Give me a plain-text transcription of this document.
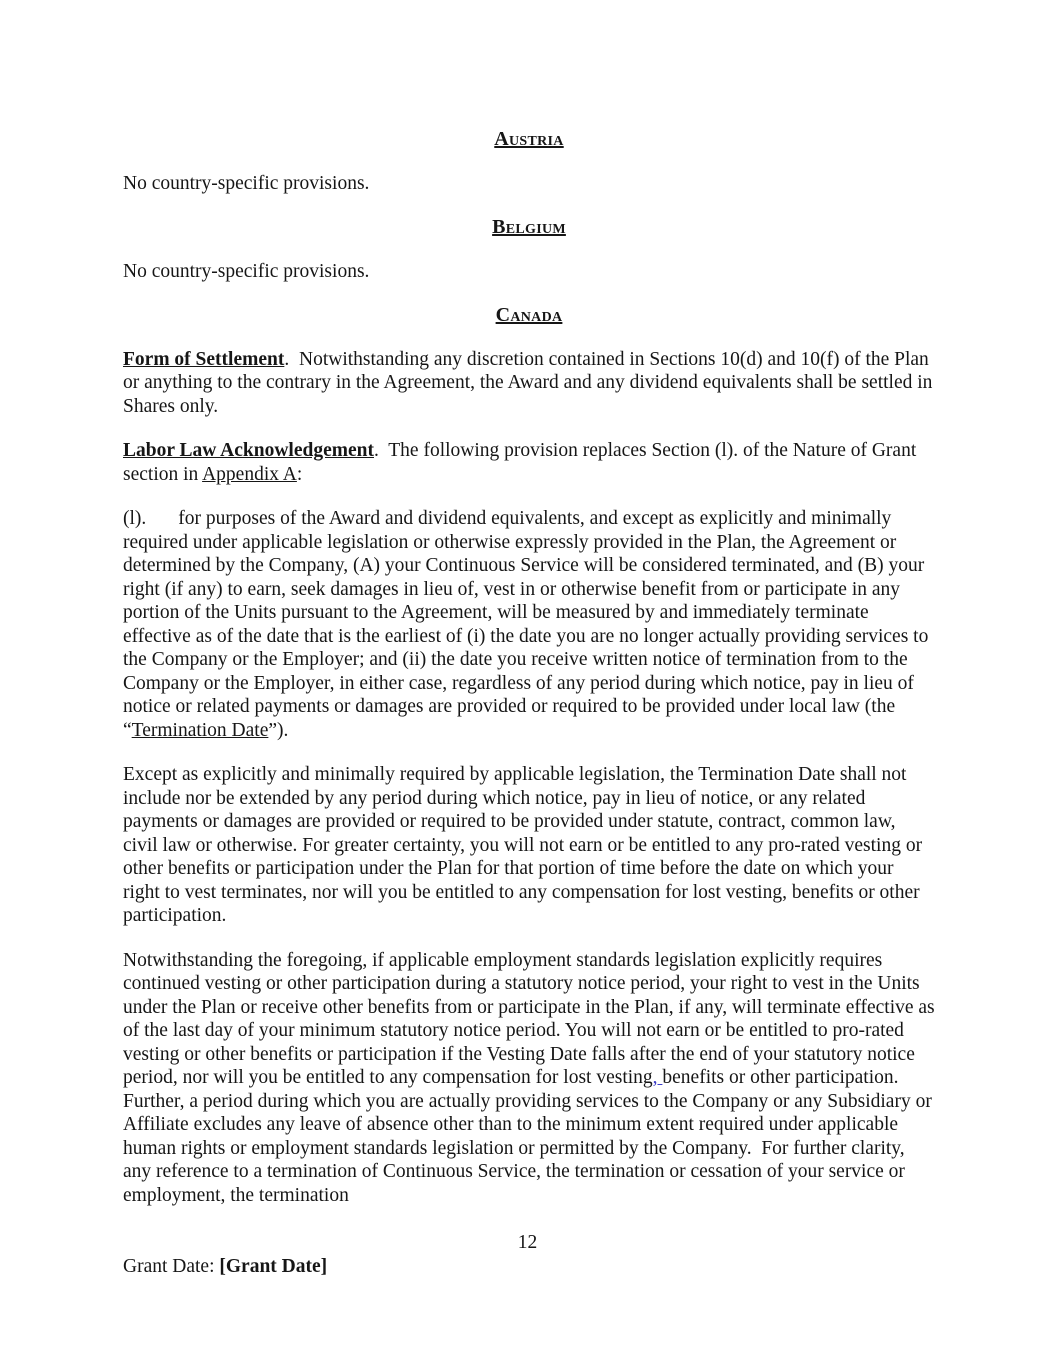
Austria

No country-specific provisions.

Belgium

No country-specific provisions.

Canada

Form of Settlement.  Notwithstanding any discretion contained in Sections 10(d) and 10(f) of the Plan or anything to the contrary in the Agreement, the Award and any dividend equivalents shall be settled in Shares only.

Labor Law Acknowledgement.  The following provision replaces Section (l). of the Nature of Grant section in Appendix A:

(l). for purposes of the Award and dividend equivalents, and except as explicitly and minimally required under applicable legislation or otherwise expressly provided in the Plan, the Agreement or determined by the Company, (A) your Continuous Service will be considered terminated, and (B) your right (if any) to earn, seek damages in lieu of, vest in or otherwise benefit from or participate in any portion of the Units pursuant to the Agreement, will be measured by and immediately terminate effective as of the date that is the earliest of (i) the date you are no longer actually providing services to the Company or the Employer; and (ii) the date you receive written notice of termination from to the Company or the Employer, in either case, regardless of any period during which notice, pay in lieu of notice or related payments or damages are provided or required to be provided under local law (the “Termination Date”).

Except as explicitly and minimally required by applicable legislation, the Termination Date shall not include nor be extended by any period during which notice, pay in lieu of notice, or any related payments or damages are provided or required to be provided under statute, contract, common law, civil law or otherwise. For greater certainty, you will not earn or be entitled to any pro-rated vesting or other benefits or participation under the Plan for that portion of time before the date on which your right to vest terminates, nor will you be entitled to any compensation for lost vesting, benefits or other participation.

Notwithstanding the foregoing, if applicable employment standards legislation explicitly requires continued vesting or other participation during a statutory notice period, your right to vest in the Units under the Plan or receive other benefits from or participate in the Plan, if any, will terminate effective as of the last day of your minimum statutory notice period. You will not earn or be entitled to pro-rated vesting or other benefits or participation if the Vesting Date falls after the end of your statutory notice period, nor will you be entitled to any compensation for lost vesting, benefits or other participation. Further, a period during which you are actually providing services to the Company or any Subsidiary or Affiliate excludes any leave of absence other than to the minimum extent required under applicable human rights or employment standards legislation or permitted by the Company.  For further clarity, any reference to a termination of Continuous Service, the termination or cessation of your service or employment, the termination

12
Grant Date: [Grant Date]
